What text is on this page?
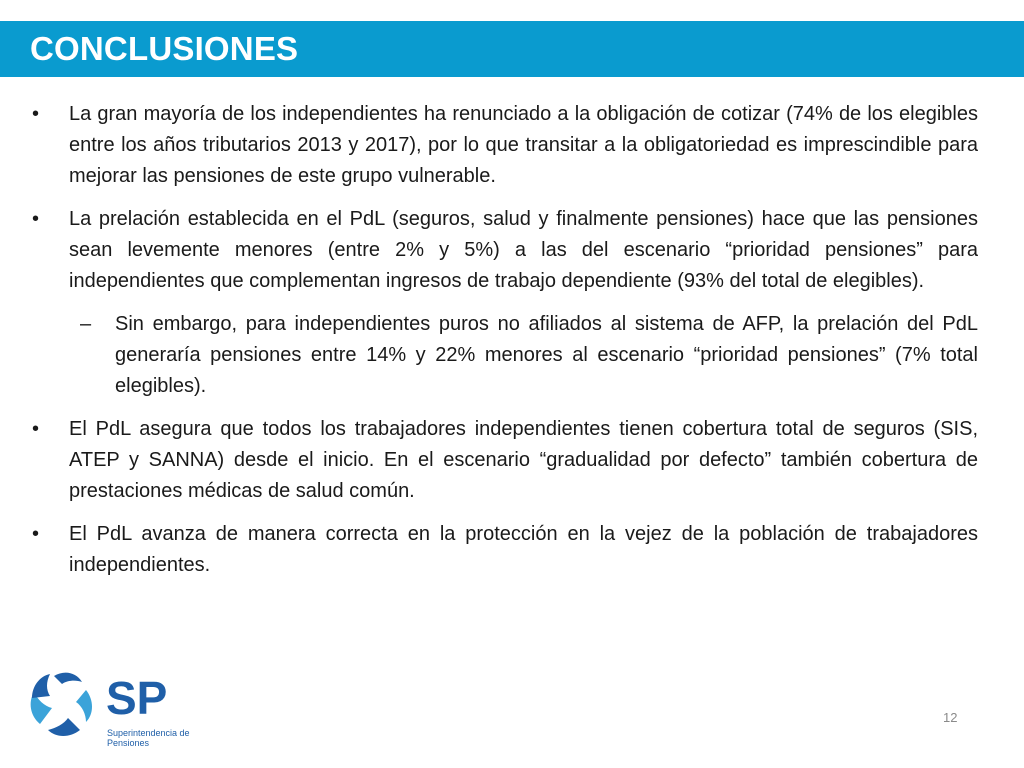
CONCLUSIONES
• La gran mayoría de los independientes ha renunciado a la obligación de cotizar (74% de los elegibles entre los años tributarios 2013 y 2017), por lo que transitar a la obligatoriedad es imprescindible para mejorar las pensiones de este grupo vulnerable.
• La prelación establecida en el PdL (seguros, salud y finalmente pensiones) hace que las pensiones sean levemente menores (entre 2% y 5%) a las del escenario “prioridad pensiones” para independientes que complementan ingresos de trabajo dependiente (93% del total de elegibles).
– Sin embargo, para independientes puros no afiliados al sistema de AFP, la prelación del PdL generaría pensiones entre 14% y 22% menores al escenario “prioridad pensiones” (7% total elegibles).
• El PdL asegura que todos los trabajadores independientes tienen cobertura total de seguros (SIS, ATEP y SANNA) desde el inicio. En el escenario “gradualidad por defecto” también cobertura de prestaciones médicas de salud común.
• El PdL avanza de manera correcta en la protección en la vejez de la población de trabajadores independientes.
SP
Superintendencia de
Pensiones
12
